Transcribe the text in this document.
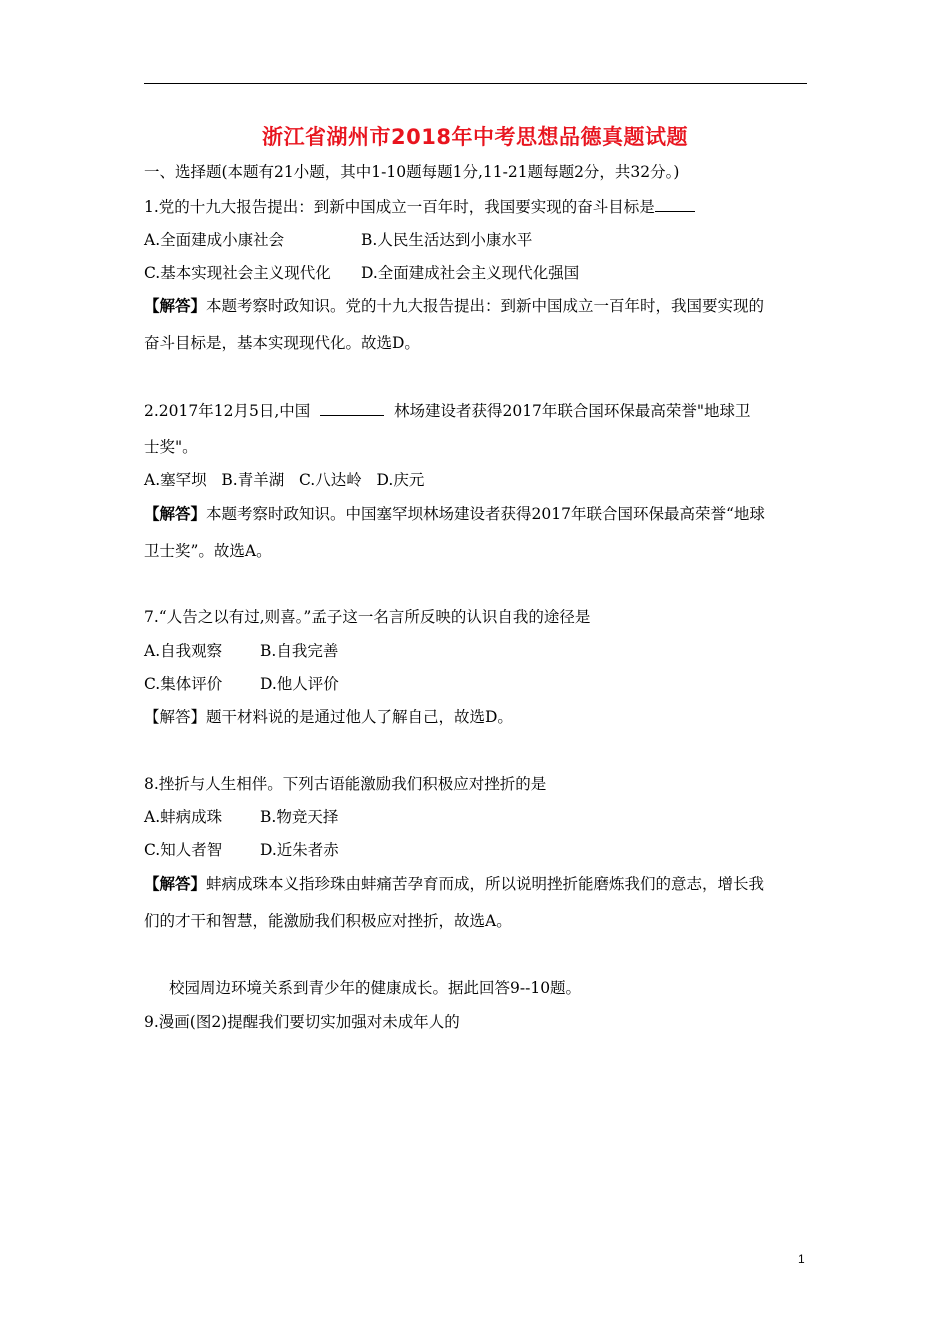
浙江省湖州市2018年中考思想品德真题试题
一、选择题(本题有21小题，其中1-10题每题1分,11-21题每题2分，共32分。)
1.党的十九大报告提出：到新中国成立一百年时，我国要实现的奋斗目标是
A.全面建成小康社会	B.人民生活达到小康水平
C.基本实现社会主义现代化 D.全面建成社会主义现代化强国
【解答】本题考察时政知识。党的十九大报告提出：到新中国成立一百年时，我国要实现的
奋斗目标是，基本实现现代化。故选D。
2.2017年12月5日,中国	林场建设者获得2017年联合国环保最高荣誉"地球卫
士奖"。
A.塞罕坝   B.青羊湖   C.八达岭   D.庆元
【解答】本题考察时政知识。中国塞罕坝林场建设者获得2017年联合国环保最高荣誉“地球
卫士奖”。故选A。
7.“人告之以有过,则喜。”孟子这一名言所反映的认识自我的途径是
A.自我观察 B.自我完善
C.集体评价 D.他人评价
【解答】题干材料说的是通过他人了解自己，故选D。
8.挫折与人生相伴。下列古语能激励我们积极应对挫折的是
A.蚌病成珠 B.物竞天择
C.知人者智 D.近朱者赤
【解答】蚌病成珠本义指珍珠由蚌痛苦孕育而成，所以说明挫折能磨炼我们的意志，增长我
们的才干和智慧，能激励我们积极应对挫折，故选A。
校园周边环境关系到青少年的健康成长。据此回答9--10题。
9.漫画(图2)提醒我们要切实加强对未成年人的
1
